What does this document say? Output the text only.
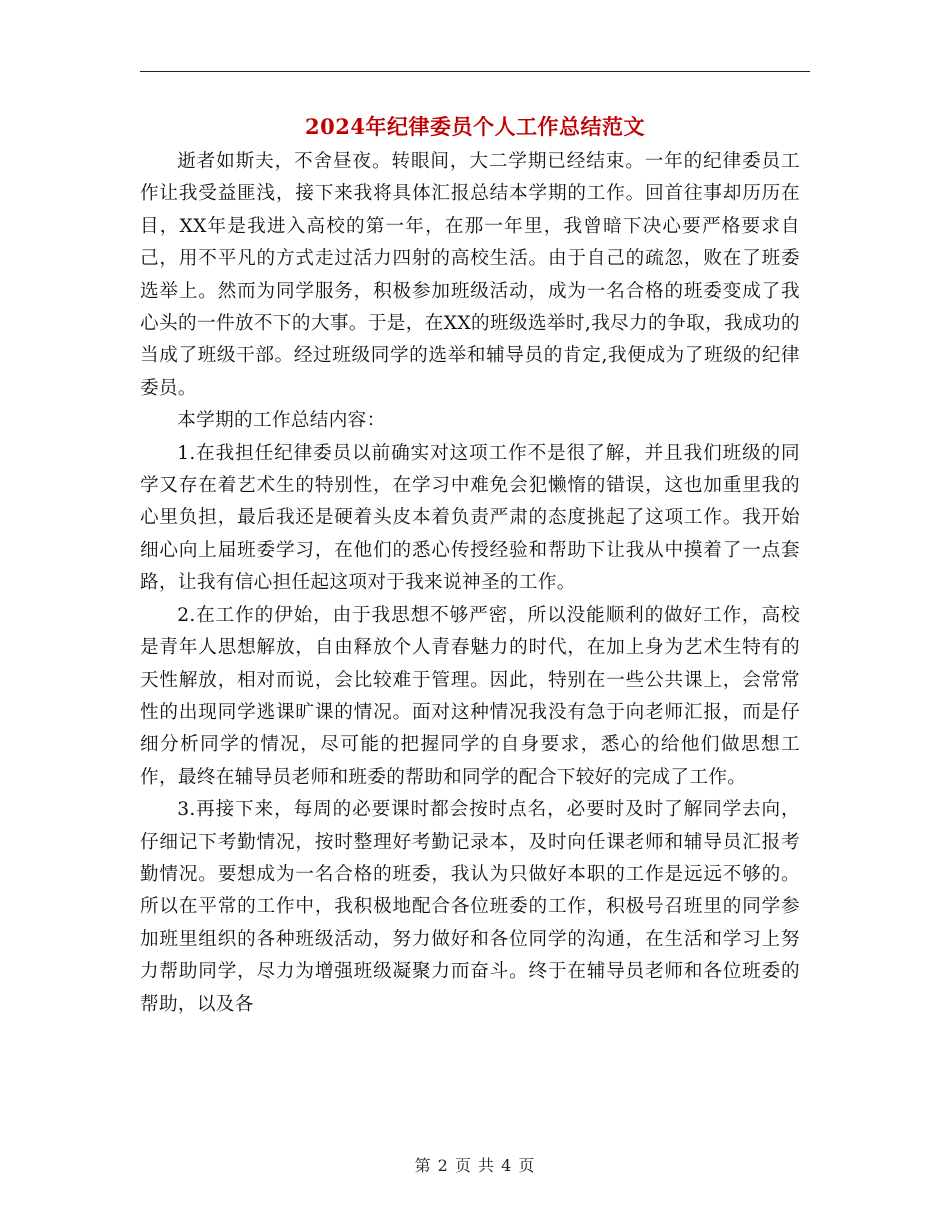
2024年纪律委员个人工作总结范文

逝者如斯夫，不舍昼夜。转眼间，大二学期已经结束。一年的纪律委员工作让我受益匪浅，接下来我将具体汇报总结本学期的工作。回首往事却历历在目，XX年是我进入高校的第一年，在那一年里，我曾暗下决心要严格要求自己，用不平凡的方式走过活力四射的高校生活。由于自己的疏忽，败在了班委选举上。然而为同学服务，积极参加班级活动，成为一名合格的班委变成了我心头的一件放不下的大事。于是，在XX的班级选举时,我尽力的争取，我成功的当成了班级干部。经过班级同学的选举和辅导员的肯定,我便成为了班级的纪律委员。

本学期的工作总结内容：

1.在我担任纪律委员以前确实对这项工作不是很了解，并且我们班级的同学又存在着艺术生的特别性，在学习中难免会犯懒惰的错误，这也加重里我的心里负担，最后我还是硬着头皮本着负责严肃的态度挑起了这项工作。我开始细心向上届班委学习，在他们的悉心传授经验和帮助下让我从中摸着了一点套路，让我有信心担任起这项对于我来说神圣的工作。

2.在工作的伊始，由于我思想不够严密，所以没能顺利的做好工作，高校是青年人思想解放，自由释放个人青春魅力的时代，在加上身为艺术生特有的天性解放，相对而说，会比较难于管理。因此，特别在一些公共课上，会常常性的出现同学逃课旷课的情况。面对这种情况我没有急于向老师汇报，而是仔细分析同学的情况，尽可能的把握同学的自身要求，悉心的给他们做思想工作，最终在辅导员老师和班委的帮助和同学的配合下较好的完成了工作。

3.再接下来，每周的必要课时都会按时点名，必要时及时了解同学去向，仔细记下考勤情况，按时整理好考勤记录本，及时向任课老师和辅导员汇报考勤情况。要想成为一名合格的班委，我认为只做好本职的工作是远远不够的。所以在平常的工作中，我积极地配合各位班委的工作，积极号召班里的同学参加班里组织的各种班级活动，努力做好和各位同学的沟通，在生活和学习上努力帮助同学，尽力为增强班级凝聚力而奋斗。终于在辅导员老师和各位班委的帮助，以及各

第 2 页 共 4 页
